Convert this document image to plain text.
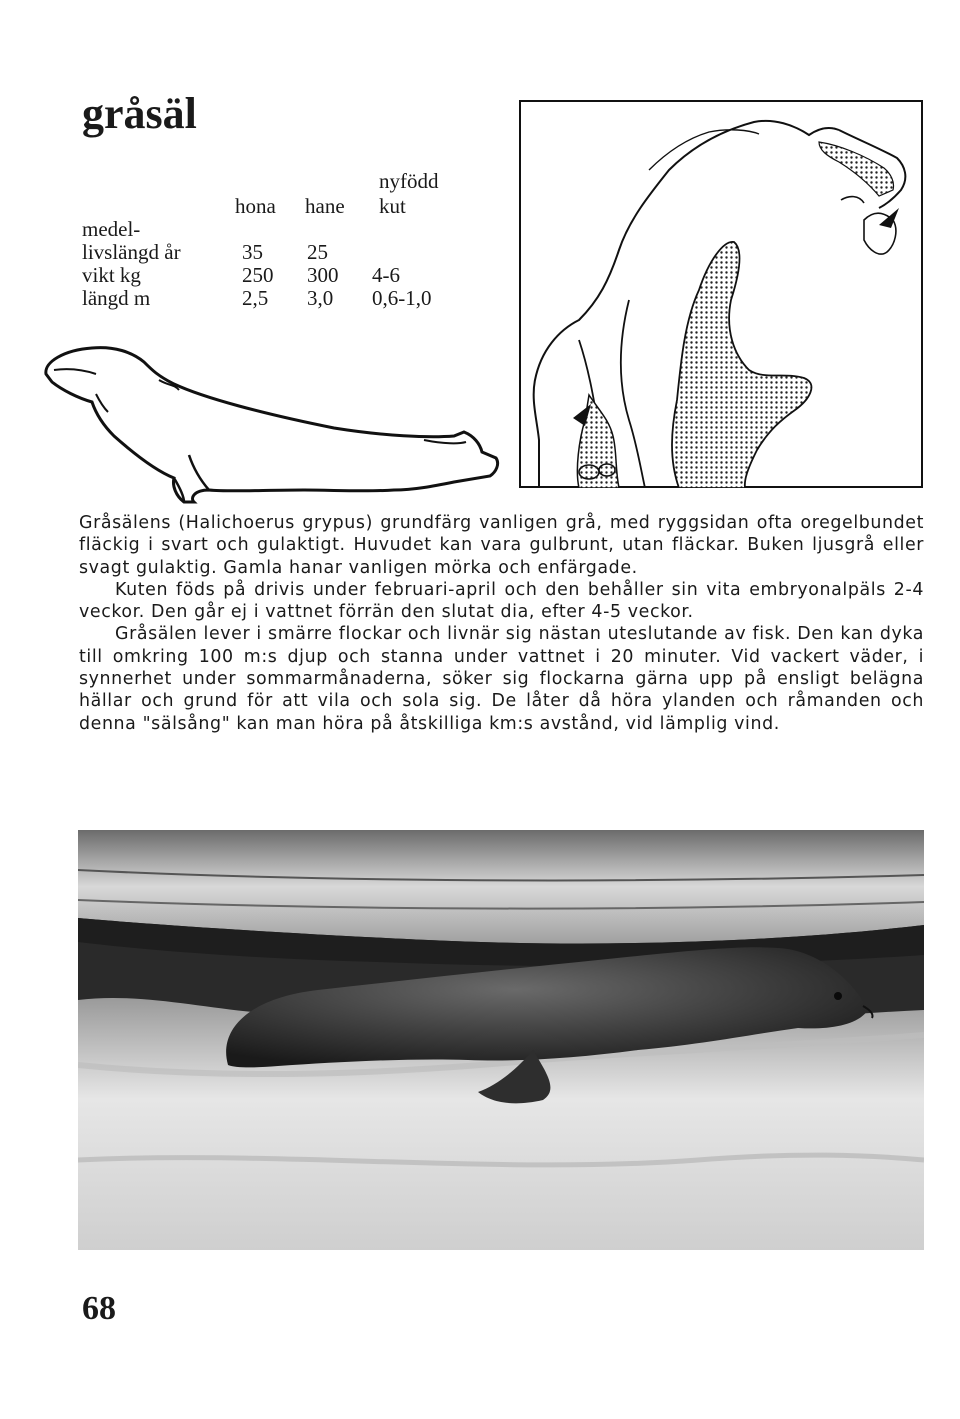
gråsäl
nyfödd
hona hane kut
medel-
livslängd år	35 25
vikt kg	250 300 4-6
längd m	2,5 3,0 0,6-1,0

Gråsälens (Halichoerus grypus) grundfärg vanligen grå, med ryggsidan ofta oregelbundet fläckig i svart och gulaktigt. Huvudet kan vara gulbrunt, utan fläckar. Buken ljusgrå eller svagt gulaktig. Gamla hanar vanligen mörka och enfärgade.

Kuten föds på drivis under februari-april och den behåller sin vita embryonalpäls 2-4 veckor. Den går ej i vattnet förrän den slutat dia, efter 4-5 veckor.

Gråsälen lever i smärre flockar och livnär sig nästan uteslutande av fisk. Den kan dyka till omkring 100 m:s djup och stanna under vattnet i 20 minuter. Vid vackert väder, i synnerhet under sommarmånaderna, söker sig flockarna gärna upp på ensligt belägna hällar och grund för att vila och sola sig. De låter då höra ylanden och råmanden och denna "sälsång" kan man höra på åtskilliga km:s avstånd, vid lämplig vind.

68
